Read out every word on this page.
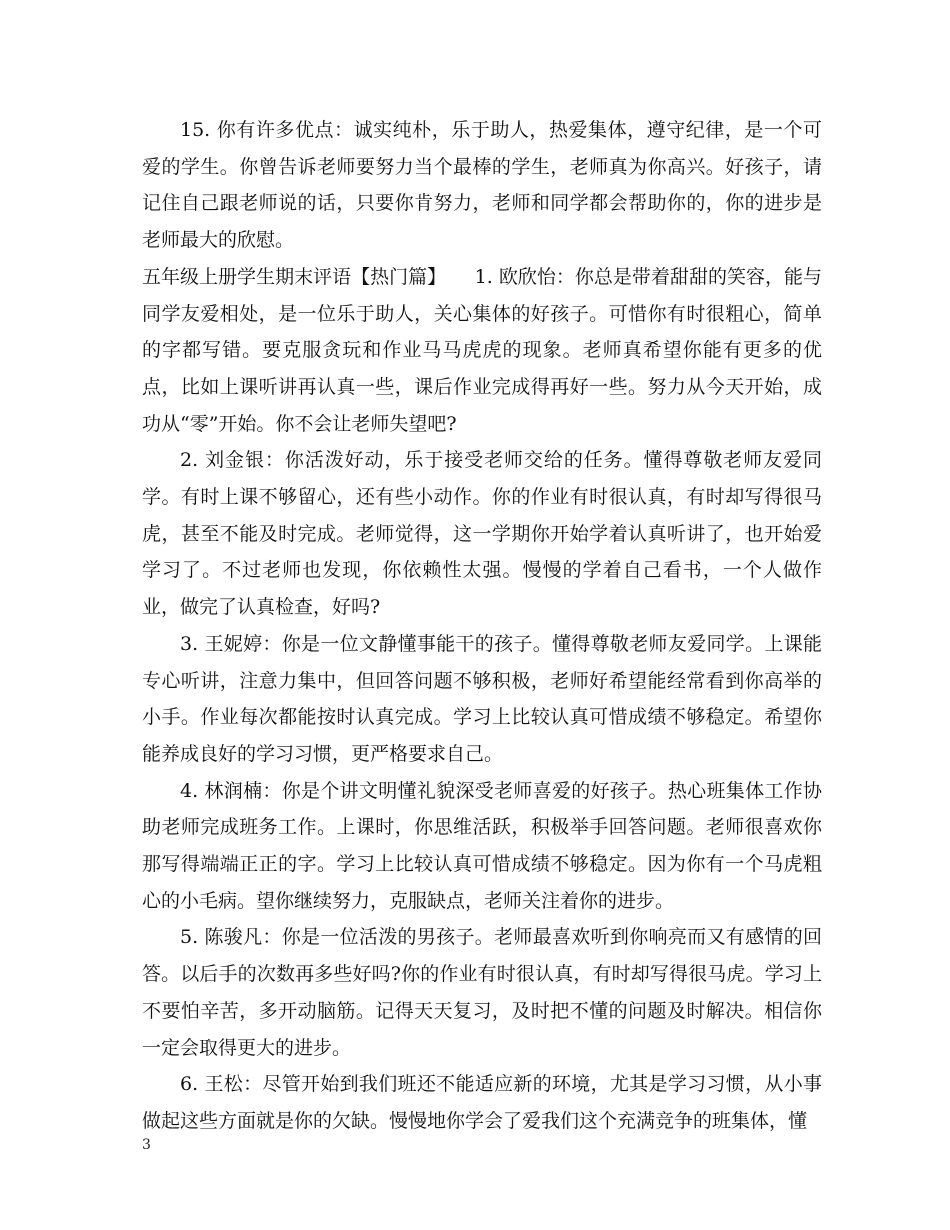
15. 你有许多优点：诚实纯朴，乐于助人，热爱集体，遵守纪律，是一个可爱的学生。你曾告诉老师要努力当个最棒的学生，老师真为你高兴。好孩子，请记住自己跟老师说的话，只要你肯努力，老师和同学都会帮助你的，你的进步是老师最大的欣慰。

五年级上册学生期末评语【热门篇】　　1. 欧欣怡：你总是带着甜甜的笑容，能与同学友爱相处，是一位乐于助人，关心集体的好孩子。可惜你有时很粗心，简单的字都写错。要克服贪玩和作业马马虎虎的现象。老师真希望你能有更多的优点，比如上课听讲再认真一些，课后作业完成得再好一些。努力从今天开始，成功从“零”开始。你不会让老师失望吧?

2. 刘金银：你活泼好动，乐于接受老师交给的任务。懂得尊敬老师友爱同学。有时上课不够留心，还有些小动作。你的作业有时很认真，有时却写得很马虎，甚至不能及时完成。老师觉得，这一学期你开始学着认真听讲了，也开始爱学习了。不过老师也发现，你依赖性太强。慢慢的学着自己看书，一个人做作业，做完了认真检查，好吗?

3. 王妮婷：你是一位文静懂事能干的孩子。懂得尊敬老师友爱同学。上课能专心听讲，注意力集中，但回答问题不够积极，老师好希望能经常看到你高举的小手。作业每次都能按时认真完成。学习上比较认真可惜成绩不够稳定。希望你能养成良好的学习习惯，更严格要求自己。

4. 林润楠：你是个讲文明懂礼貌深受老师喜爱的好孩子。热心班集体工作协助老师完成班务工作。上课时，你思维活跃，积极举手回答问题。老师很喜欢你那写得端端正正的字。学习上比较认真可惜成绩不够稳定。因为你有一个马虎粗心的小毛病。望你继续努力，克服缺点，老师关注着你的进步。

5. 陈骏凡：你是一位活泼的男孩子。老师最喜欢听到你响亮而又有感情的回答。以后手的次数再多些好吗?你的作业有时很认真，有时却写得很马虎。学习上不要怕辛苦，多开动脑筋。记得天天复习，及时把不懂的问题及时解决。相信你一定会取得更大的进步。

6. 王松：尽管开始到我们班还不能适应新的环境，尤其是学习习惯，从小事做起这些方面就是你的欠缺。慢慢地你学会了爱我们这个充满竞争的班集体，懂

3
